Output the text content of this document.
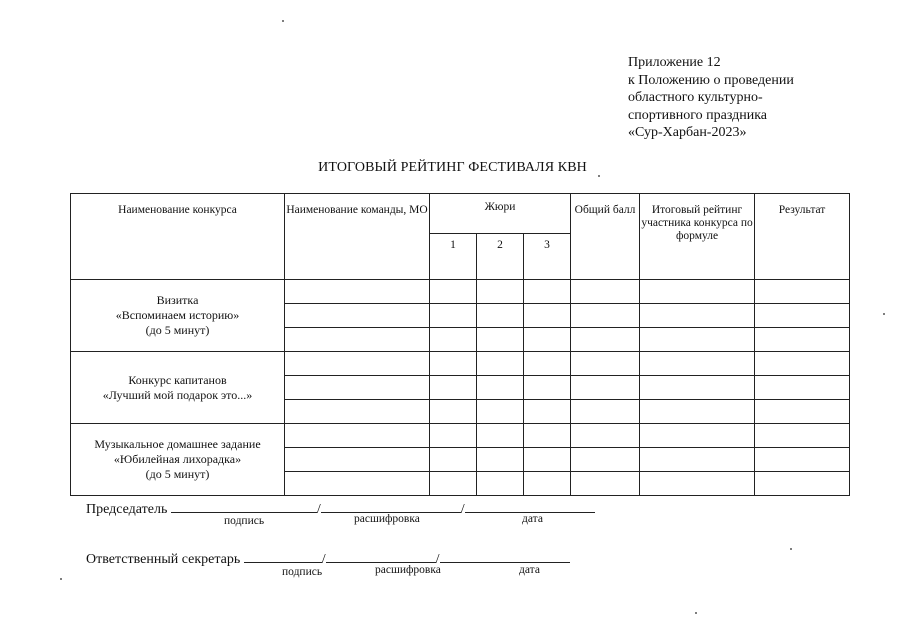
Приложение 12
к Положению о проведении
областного культурно-
спортивного праздника
«Сур-Харбан-2023»
ИТОГОВЫЙ РЕЙТИНГ ФЕСТИВАЛЯ КВН
Наименование конкурса	Наименование команды, МО	Жюри			Общий балл	Итоговый рейтинг участника конкурса по формуле	Результат
		1	2	3			

Визитка
«Вспоминаем историю»
(до 5 минут)							

Конкурс капитанов
«Лучший мой подарок это...»							

Музыкальное домашнее задание
«Юбилейная лихорадка»
(до 5 минут)							

Председатель	/	/
подпись	расшифровка	дата
Ответственный секретарь	/	/
подпись	расшифровка	дата
